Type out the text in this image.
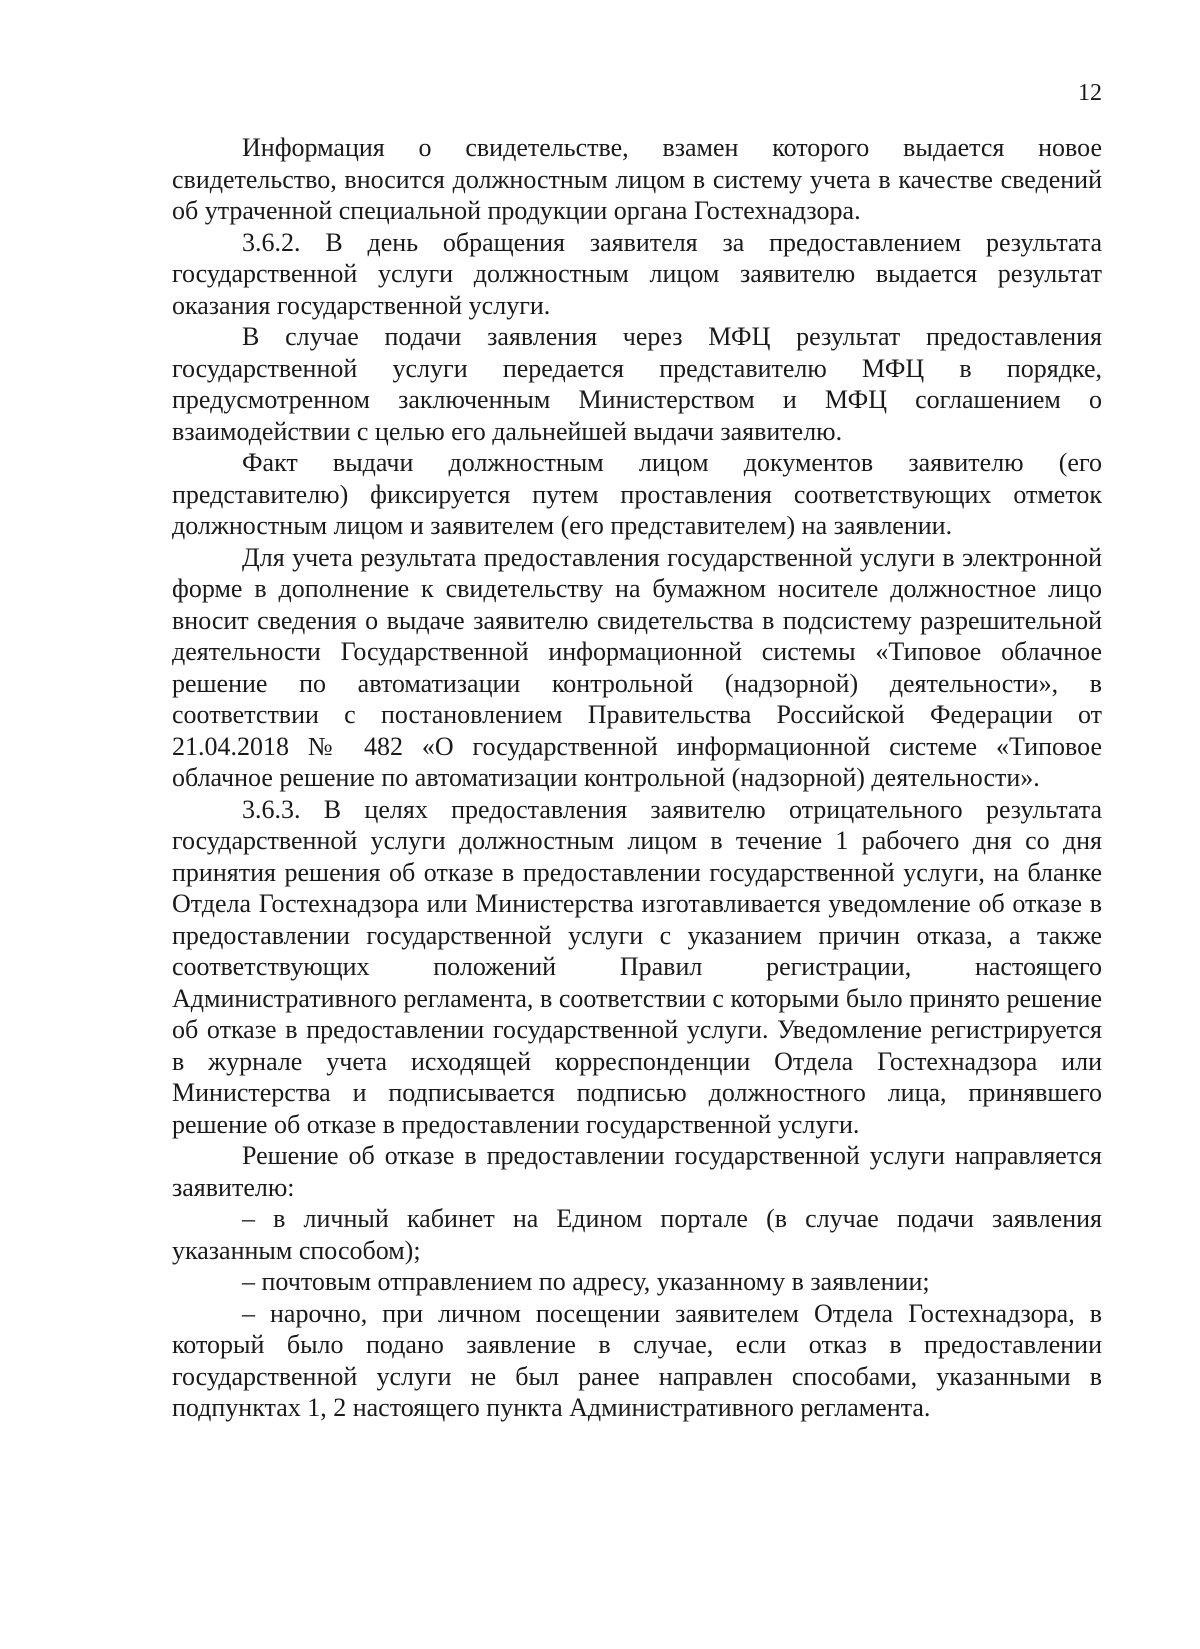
12

Информация о свидетельстве, взамен которого выдается новое свидетельство, вносится должностным лицом в систему учета в качестве сведений об утраченной специальной продукции органа Гостехнадзора.

3.6.2. В день обращения заявителя за предоставлением результата государственной услуги должностным лицом заявителю выдается результат оказания государственной услуги.

В случае подачи заявления через МФЦ результат предоставления государственной услуги передается представителю МФЦ в порядке, предусмотренном заключенным Министерством и МФЦ соглашением о взаимодействии с целью его дальнейшей выдачи заявителю.

Факт выдачи должностным лицом документов заявителю (его представителю) фиксируется путем проставления соответствующих отметок должностным лицом и заявителем (его представителем) на заявлении.

Для учета результата предоставления государственной услуги в электронной форме в дополнение к свидетельству на бумажном носителе должностное лицо вносит сведения о выдаче заявителю свидетельства в подсистему разрешительной деятельности Государственной информационной системы «Типовое облачное решение по автоматизации контрольной (надзорной) деятельности», в соответствии с постановлением Правительства Российской Федерации от 21.04.2018 № 482 «О государственной информационной системе «Типовое облачное решение по автоматизации контрольной (надзорной) деятельности».

3.6.3. В целях предоставления заявителю отрицательного результата государственной услуги должностным лицом в течение 1 рабочего дня со дня принятия решения об отказе в предоставлении государственной услуги, на бланке Отдела Гостехнадзора или Министерства изготавливается уведомление об отказе в предоставлении государственной услуги с указанием причин отказа, а также соответствующих положений Правил регистрации, настоящего Административного регламента, в соответствии с которыми было принято решение об отказе в предоставлении государственной услуги. Уведомление регистрируется в журнале учета исходящей корреспонденции Отдела Гостехнадзора или Министерства и подписывается подписью должностного лица, принявшего решение об отказе в предоставлении государственной услуги.

Решение об отказе в предоставлении государственной услуги направляется заявителю:

– в личный кабинет на Едином портале (в случае подачи заявления указанным способом);

– почтовым отправлением по адресу, указанному в заявлении;

– нарочно, при личном посещении заявителем Отдела Гостехнадзора, в который было подано заявление в случае, если отказ в предоставлении государственной услуги не был ранее направлен способами, указанными в подпунктах 1, 2 настоящего пункта Административного регламента.
